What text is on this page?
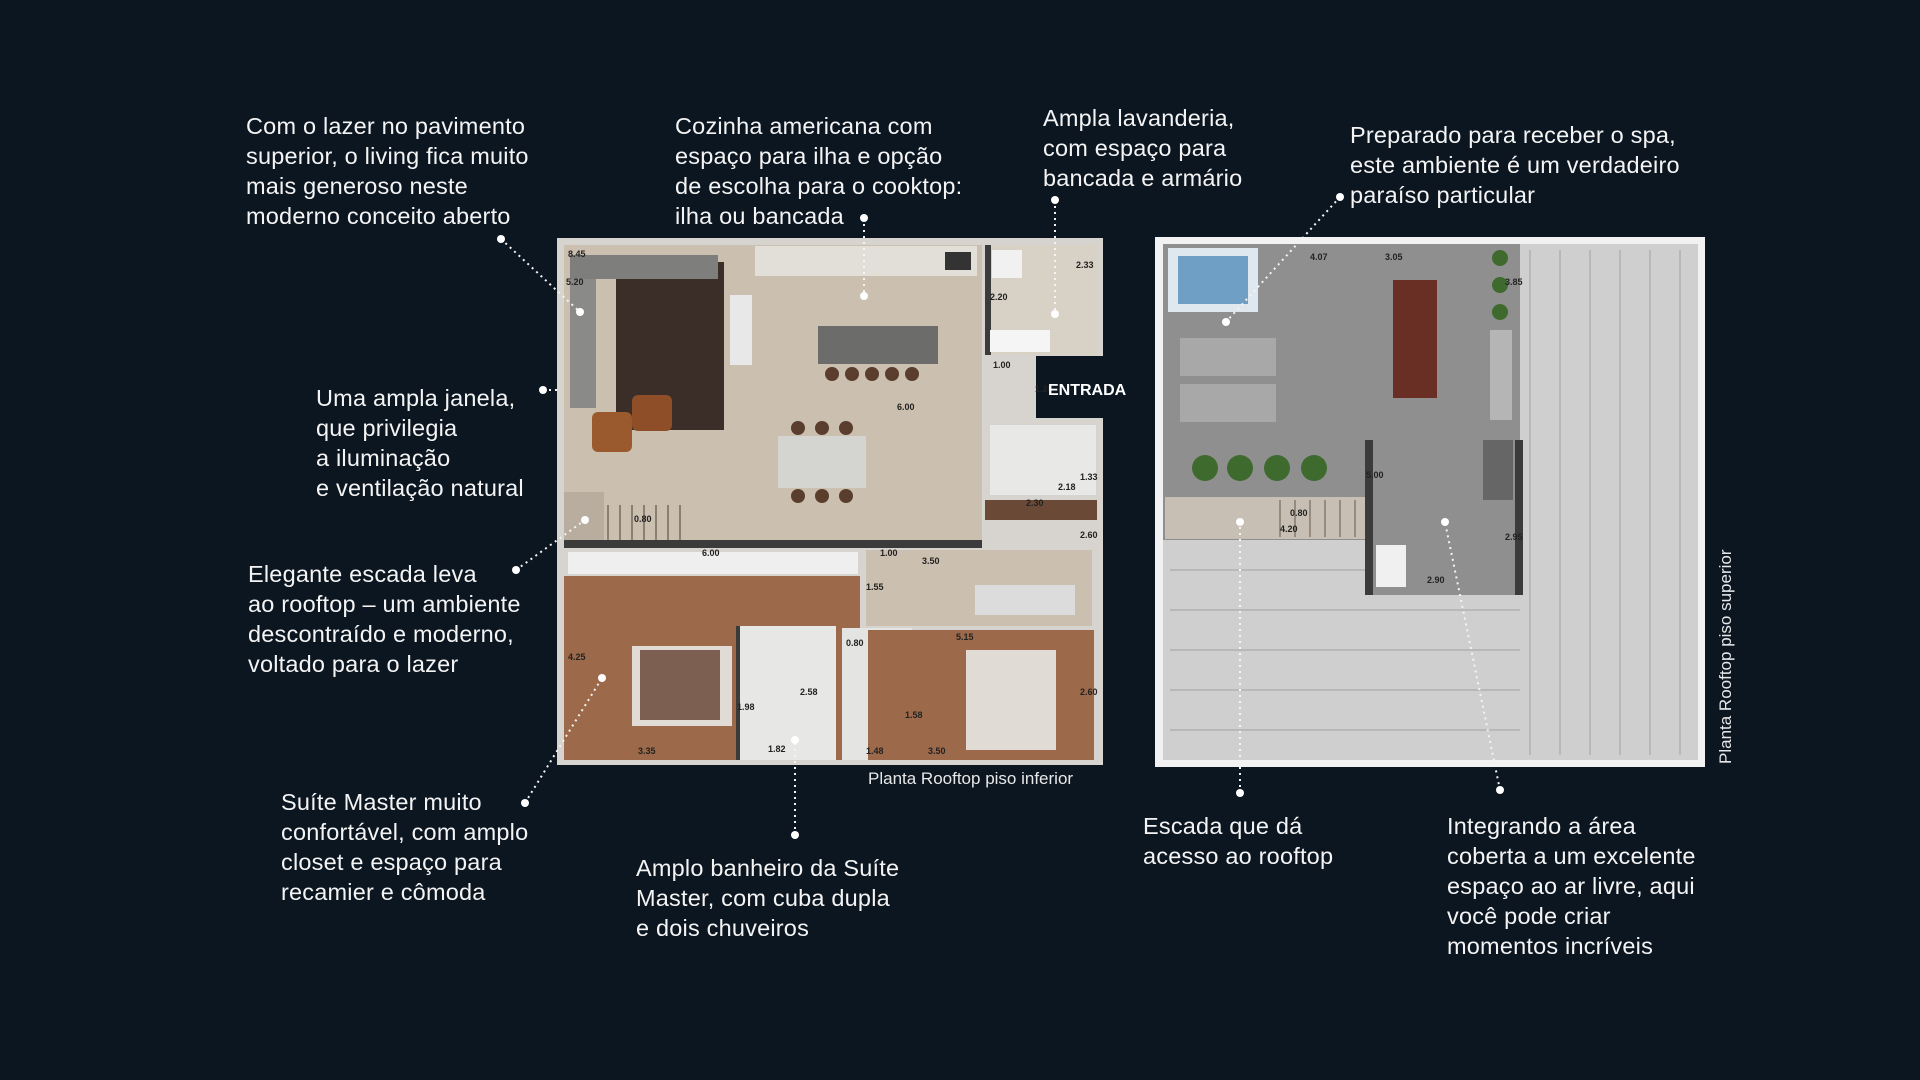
8.45
5.20
2.20
2.33
1.00
1.20
6.00
2.18
1.33
2.30
0.80
2.60
6.00	1.00
3.50
1.55
4.25
5.15
0.80
2.58
1.98
1.58
2.60
3.35	1.82	1.48	3.50
4.07	3.05
3.85
5.00
0.80
4.20
2.95
2.90
ENTRADA
Com o lazer no pavimento
superior, o living fica muito
mais generoso neste
moderno conceito aberto
Cozinha americana com
espaço para ilha e opção
de escolha para o cooktop:
ilha ou bancada
Ampla lavanderia,
com espaço para
bancada e armário
Preparado para receber o spa,
este ambiente é um verdadeiro
paraíso particular
Uma ampla janela,
que privilegia
a iluminação
e ventilação natural
Elegante escada leva
ao rooftop – um ambiente
descontraído e moderno,
voltado para o lazer
Suíte Master muito
confortável, com amplo
closet e espaço para
recamier e cômoda
Amplo banheiro da Suíte
Master, com cuba dupla
e dois chuveiros
Escada que dá
acesso ao rooftop
Integrando a área
coberta a um excelente
espaço ao ar livre, aqui
você pode criar
momentos incríveis
Planta Rooftop piso inferior
Planta Rooftop piso superior
